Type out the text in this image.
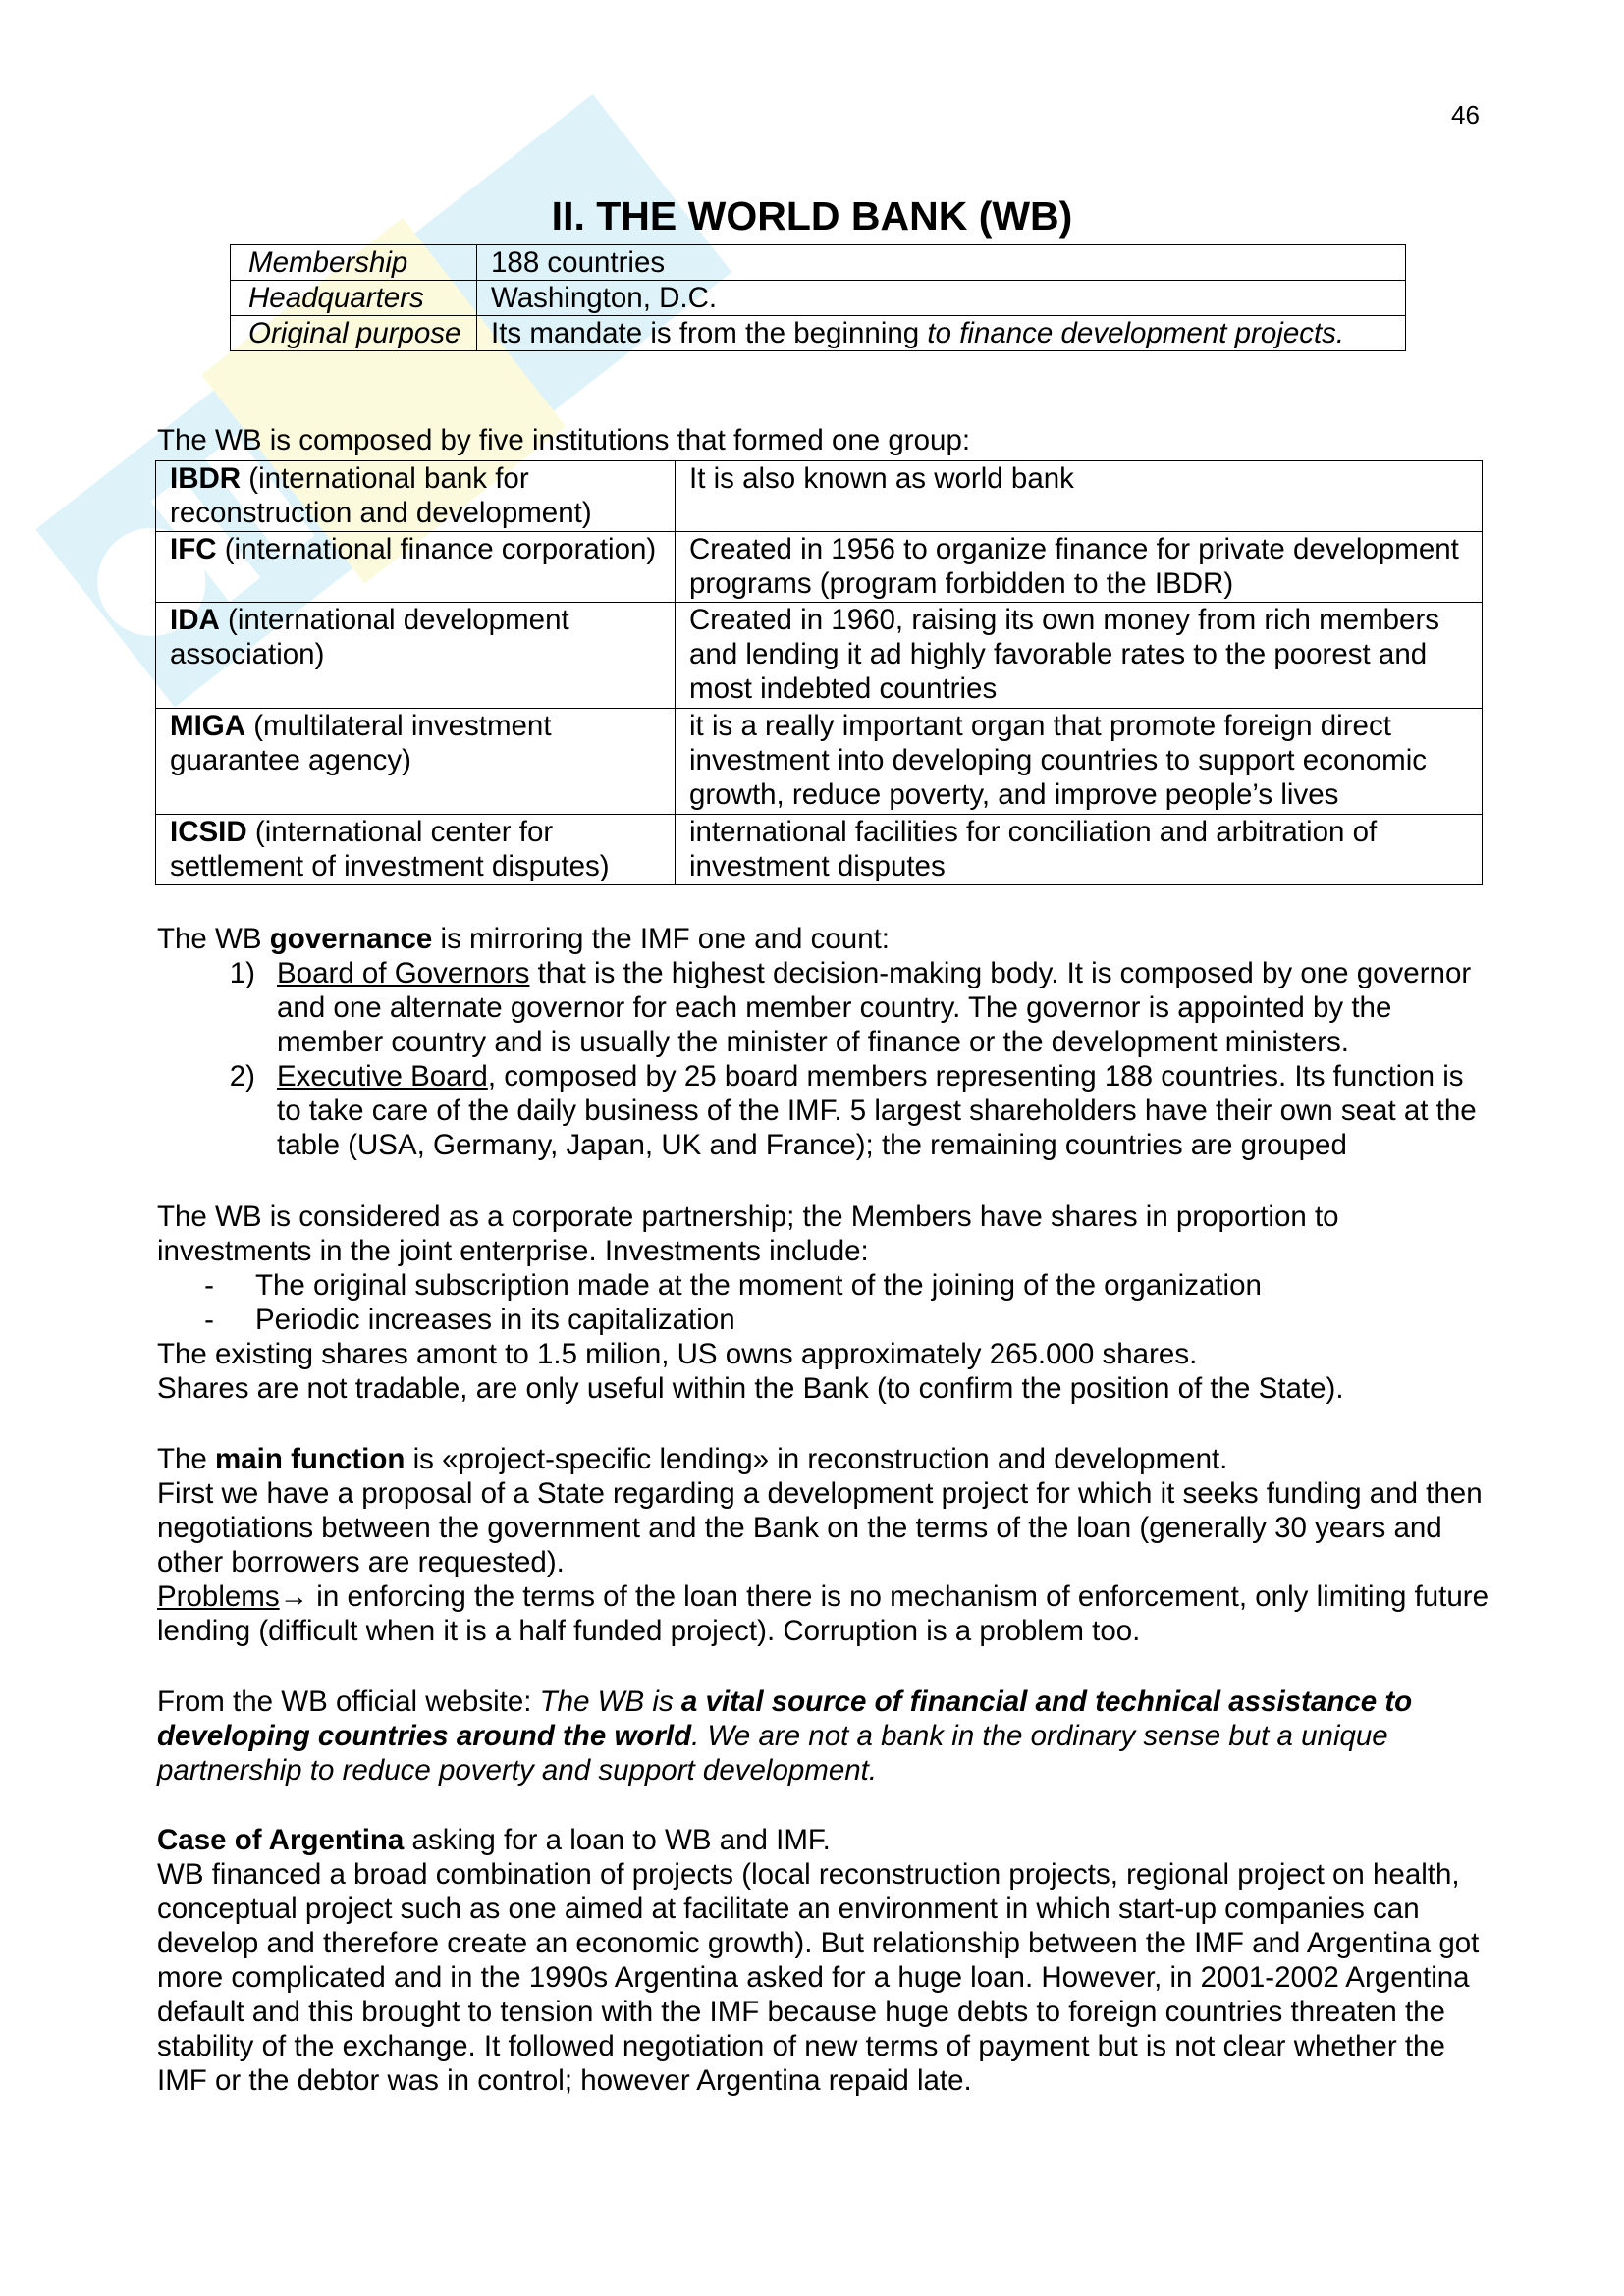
46
II. THE WORLD BANK (WB)
Membership	188 countries
Headquarters	Washington, D.C.
Original purpose	Its mandate is from the beginning to finance development projects.

The WB is composed by five institutions that formed one group:

IBDR (international bank for reconstruction and development)	It is also known as world bank
IFC (international finance corporation)	Created in 1956 to organize finance for private development programs (program forbidden to the IBDR)
IDA (international development association)	Created in 1960, raising its own money from rich members and lending it ad highly favorable rates to the poorest and most indebted countries
MIGA (multilateral investment guarantee agency)	it is a really important organ that promote foreign direct investment into developing countries to support economic growth, reduce poverty, and improve people’s lives
ICSID (international center for settlement of investment disputes)	international facilities for conciliation and arbitration of investment disputes

The WB governance is mirroring the IMF one and count:

1) Board of Governors that is the highest decision-making body. It is composed by one governor and one alternate governor for each member country. The governor is appointed by the member country and is usually the minister of finance or the development ministers.
2) Executive Board, composed by 25 board members representing 188 countries. Its function is to take care of the daily business of the IMF. 5 largest shareholders have their own seat at the table (USA, Germany, Japan, UK and France); the remaining countries are grouped

The WB is considered as a corporate partnership; the Members have shares in proportion to investments in the joint enterprise. Investments include:

-	The original subscription made at the moment of the joining of the organization
-	Periodic increases in its capitalization

The existing shares amont to 1.5 milion, US owns approximately 265.000 shares.

Shares are not tradable, are only useful within the Bank (to confirm the position of the State).

The main function is «project-specific lending» in reconstruction and development.

First we have a proposal of a State regarding a development project for which it seeks funding and then negotiations between the government and the Bank on the terms of the loan (generally 30 years and other borrowers are requested).

Problems→ in enforcing the terms of the loan there is no mechanism of enforcement, only limiting future lending (difficult when it is a half funded project). Corruption is a problem too.

From the WB official website: The WB is a vital source of financial and technical assistance to developing countries around the world. We are not a bank in the ordinary sense but a unique partnership to reduce poverty and support development.

Case of Argentina asking for a loan to WB and IMF.

WB financed a broad combination of projects (local reconstruction projects, regional project on health, conceptual project such as one aimed at facilitate an environment in which start-up companies can develop and therefore create an economic growth). But relationship between the IMF and Argentina got more complicated and in the 1990s Argentina asked for a huge loan. However, in 2001-2002 Argentina default and this brought to tension with the IMF because huge debts to foreign countries threaten the stability of the exchange. It followed negotiation of new terms of payment but is not clear whether the IMF or the debtor was in control; however Argentina repaid late.
